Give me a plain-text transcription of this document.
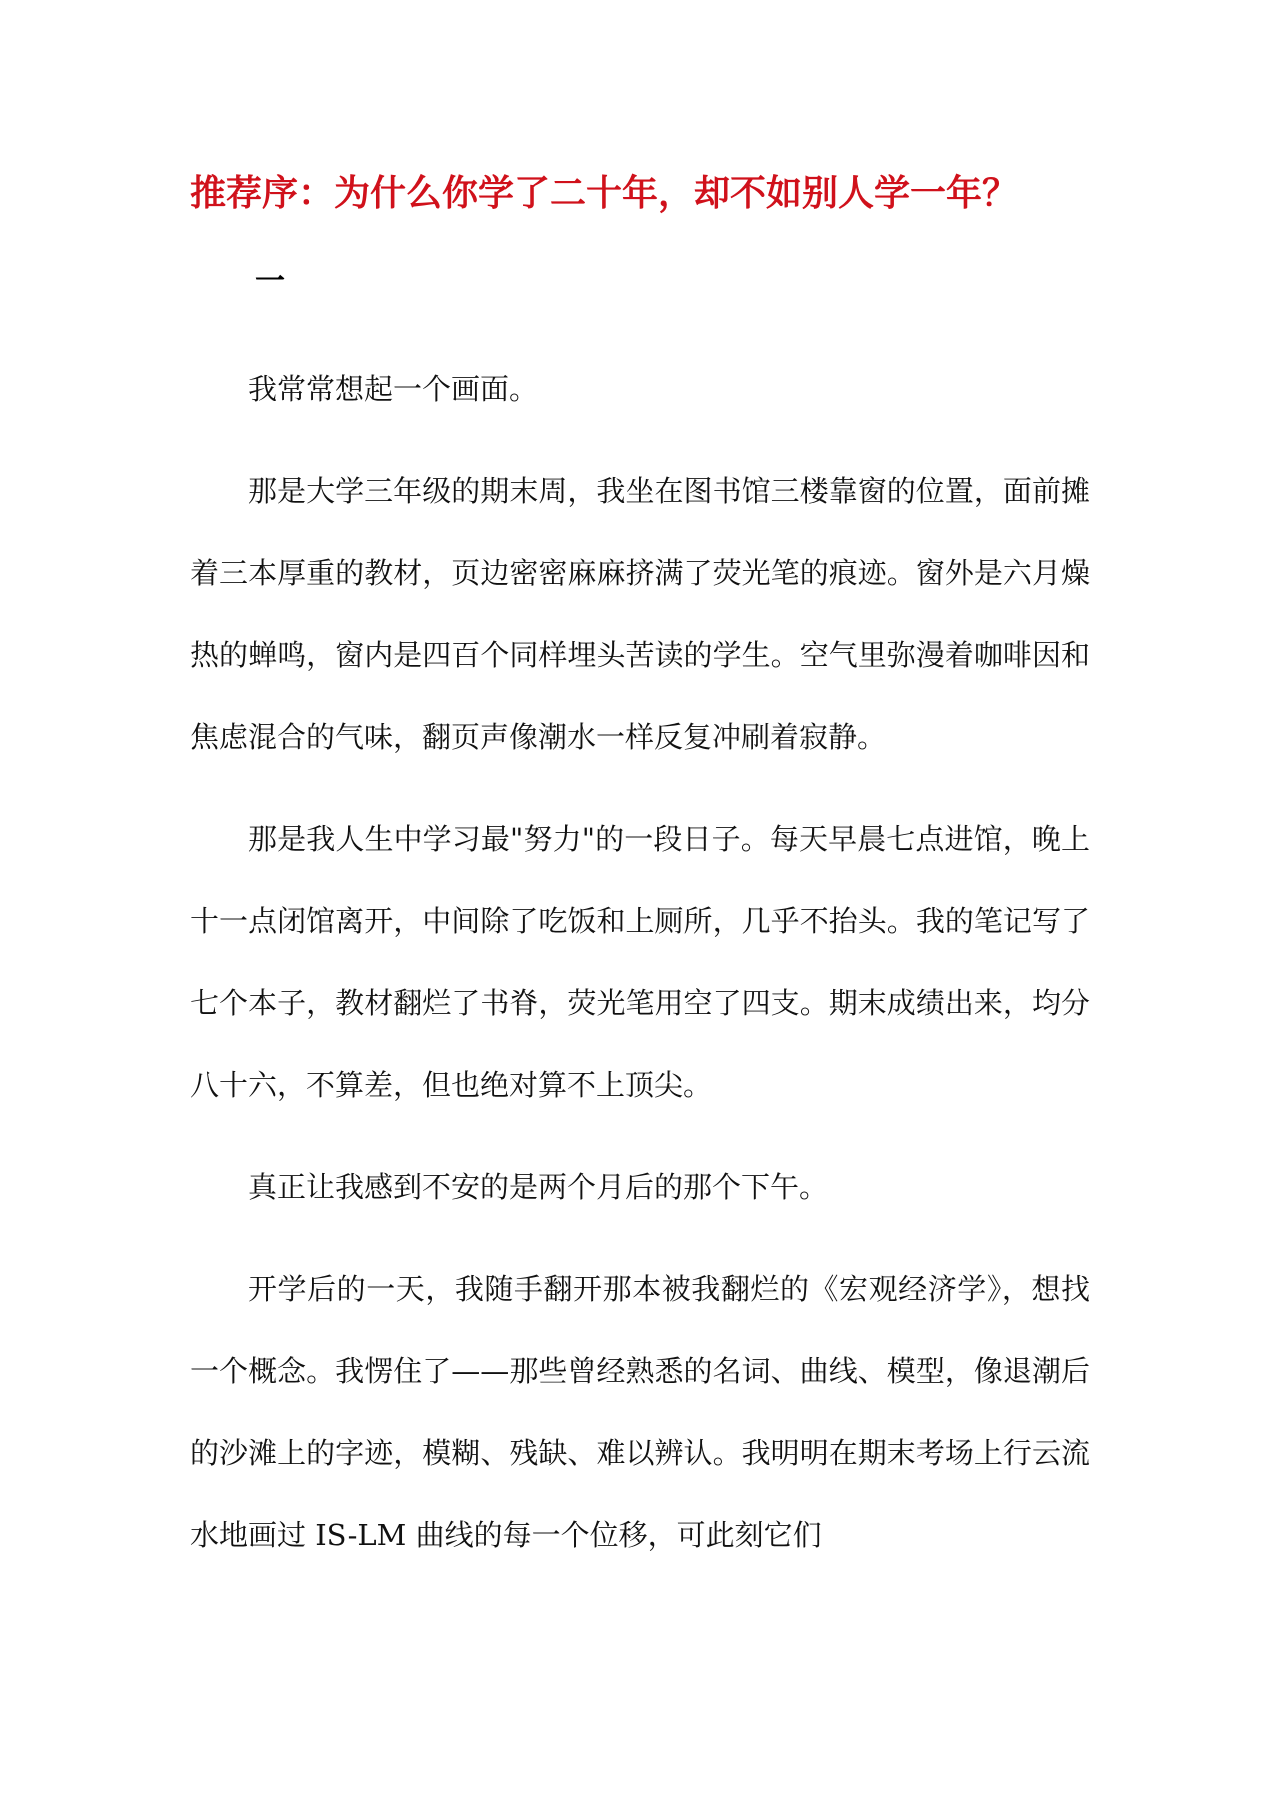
推荐序：为什么你学了二十年，却不如别人学一年？
一

我常常想起一个画面。

那是大学三年级的期末周，我坐在图书馆三楼靠窗的位置，面前摊着三本厚重的教材，页边密密麻麻挤满了荧光笔的痕迹。窗外是六月燥热的蝉鸣，窗内是四百个同样埋头苦读的学生。空气里弥漫着咖啡因和焦虑混合的气味，翻页声像潮水一样反复冲刷着寂静。

那是我人生中学习最"努力"的一段日子。每天早晨七点进馆，晚上十一点闭馆离开，中间除了吃饭和上厕所，几乎不抬头。我的笔记写了七个本子，教材翻烂了书脊，荧光笔用空了四支。期末成绩出来，均分八十六，不算差，但也绝对算不上顶尖。

真正让我感到不安的是两个月后的那个下午。

开学后的一天，我随手翻开那本被我翻烂的《宏观经济学》，想找一个概念。我愣住了——那些曾经熟悉的名词、曲线、模型，像退潮后的沙滩上的字迹，模糊、残缺、难以辨认。我明明在期末考场上行云流水地画过 IS-LM 曲线的每一个位移，可此刻它们
